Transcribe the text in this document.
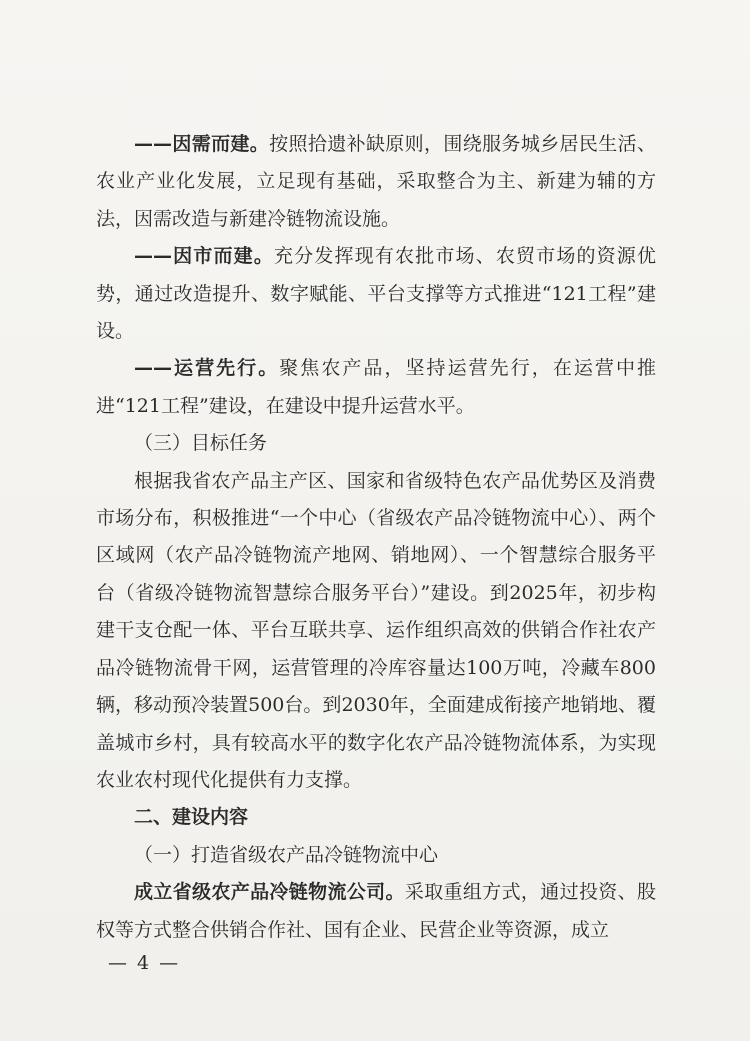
——因需而建。按照拾遗补缺原则，围绕服务城乡居民生活、农业产业化发展，立足现有基础，采取整合为主、新建为辅的方法，因需改造与新建冷链物流设施。

——因市而建。充分发挥现有农批市场、农贸市场的资源优势，通过改造提升、数字赋能、平台支撑等方式推进“121工程”建设。

——运营先行。聚焦农产品，坚持运营先行，在运营中推进“121工程”建设，在建设中提升运营水平。

（三）目标任务

根据我省农产品主产区、国家和省级特色农产品优势区及消费市场分布，积极推进“一个中心（省级农产品冷链物流中心）、两个区域网（农产品冷链物流产地网、销地网）、一个智慧综合服务平台（省级冷链物流智慧综合服务平台）”建设。到2025年，初步构建干支仓配一体、平台互联共享、运作组织高效的供销合作社农产品冷链物流骨干网，运营管理的冷库容量达100万吨，冷藏车800辆，移动预冷装置500台。到2030年，全面建成衔接产地销地、覆盖城市乡村，具有较高水平的数字化农产品冷链物流体系，为实现农业农村现代化提供有力支撑。

二、建设内容

（一）打造省级农产品冷链物流中心

成立省级农产品冷链物流公司。采取重组方式，通过投资、股权等方式整合供销合作社、国有企业、民营企业等资源，成立

— 4 —
